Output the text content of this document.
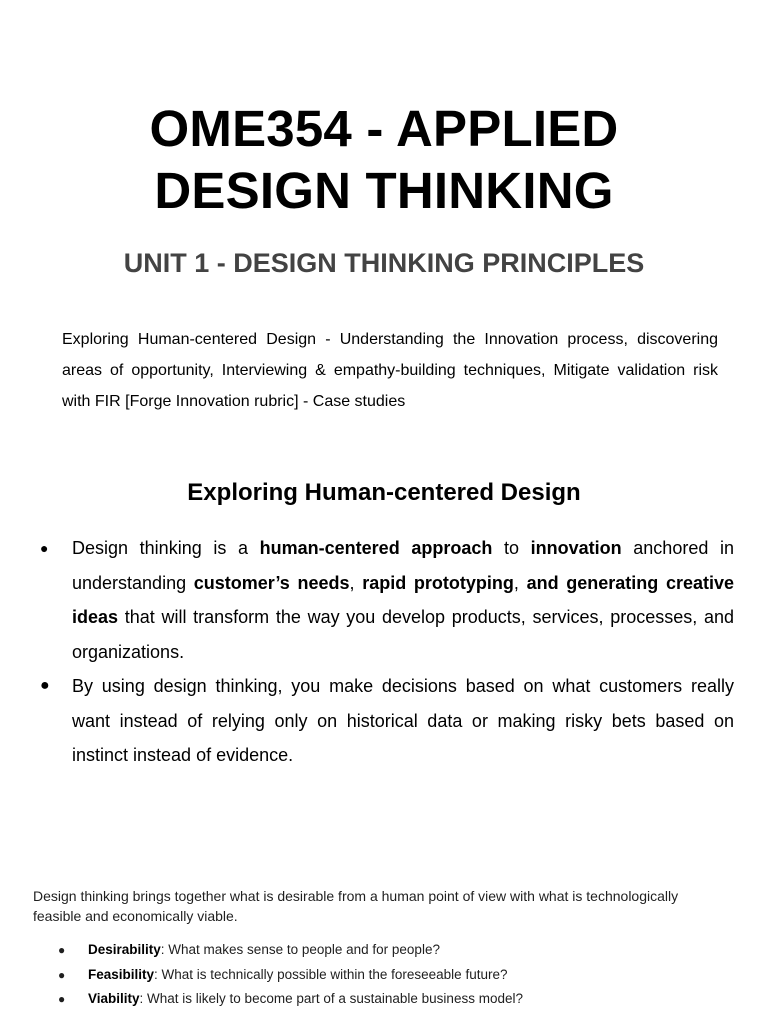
OME354 - APPLIED
DESIGN THINKING
UNIT 1 - DESIGN THINKING PRINCIPLES

Exploring Human-centered Design - Understanding the Innovation process, discovering areas of opportunity, Interviewing & empathy-building techniques, Mitigate validation risk with FIR [Forge Innovation rubric] - Case studies

Exploring Human-centered Design
● Design thinking is a human-centered approach to innovation anchored in understanding customer’s needs, rapid prototyping, and generating creative ideas that will transform the way you develop products, services, processes, and organizations.
● By using design thinking, you make decisions based on what customers really want instead of relying only on historical data or making risky bets based on instinct instead of evidence.

Design thinking brings together what is desirable from a human point of view with what is technologically feasible and economically viable.

● Desirability: What makes sense to people and for people?
● Feasibility: What is technically possible within the foreseeable future?
● Viability: What is likely to become part of a sustainable business model?
